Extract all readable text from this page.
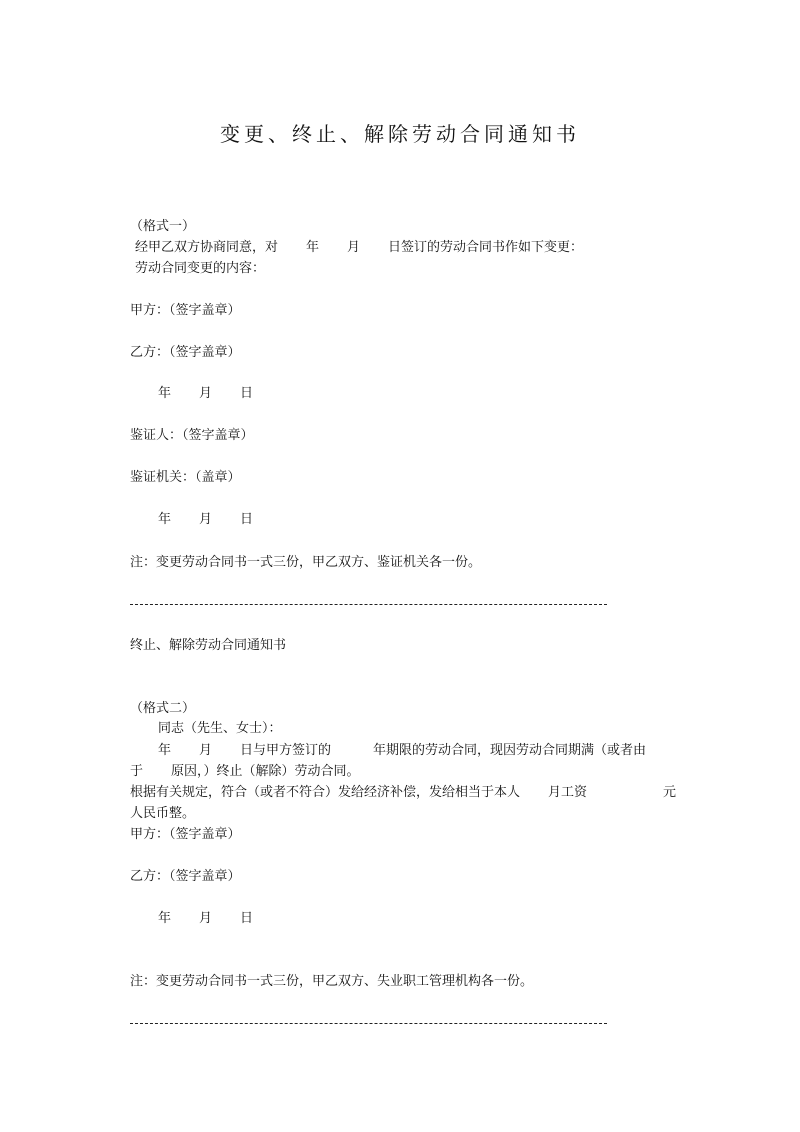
变更、终止、解除劳动合同通知书

（格式一）

经甲乙双方协商同意，对 年 月 日签订的劳动合同书作如下变更：

劳动合同变更的内容：

甲方：（签字盖章）

乙方：（签字盖章）

年 月 日

鉴证人：（签字盖章）

鉴证机关：（盖章）

年 月 日

注：变更劳动合同书一式三份，甲乙双方、鉴证机关各一份。

终止、解除劳动合同通知书

（格式二）

同志（先生、女士）：

年 月 日与甲方签订的	年期限的劳动合同，现因劳动合同期满（或者由

于 原因，）终止（解除）劳动合同。

根据有关规定，符合（或者不符合）发给经济补偿，发给相当于本人 月工资	元

人民币整。

甲方：（签字盖章）

乙方：（签字盖章）

年 月 日

注：变更劳动合同书一式三份，甲乙双方、失业职工管理机构各一份。
